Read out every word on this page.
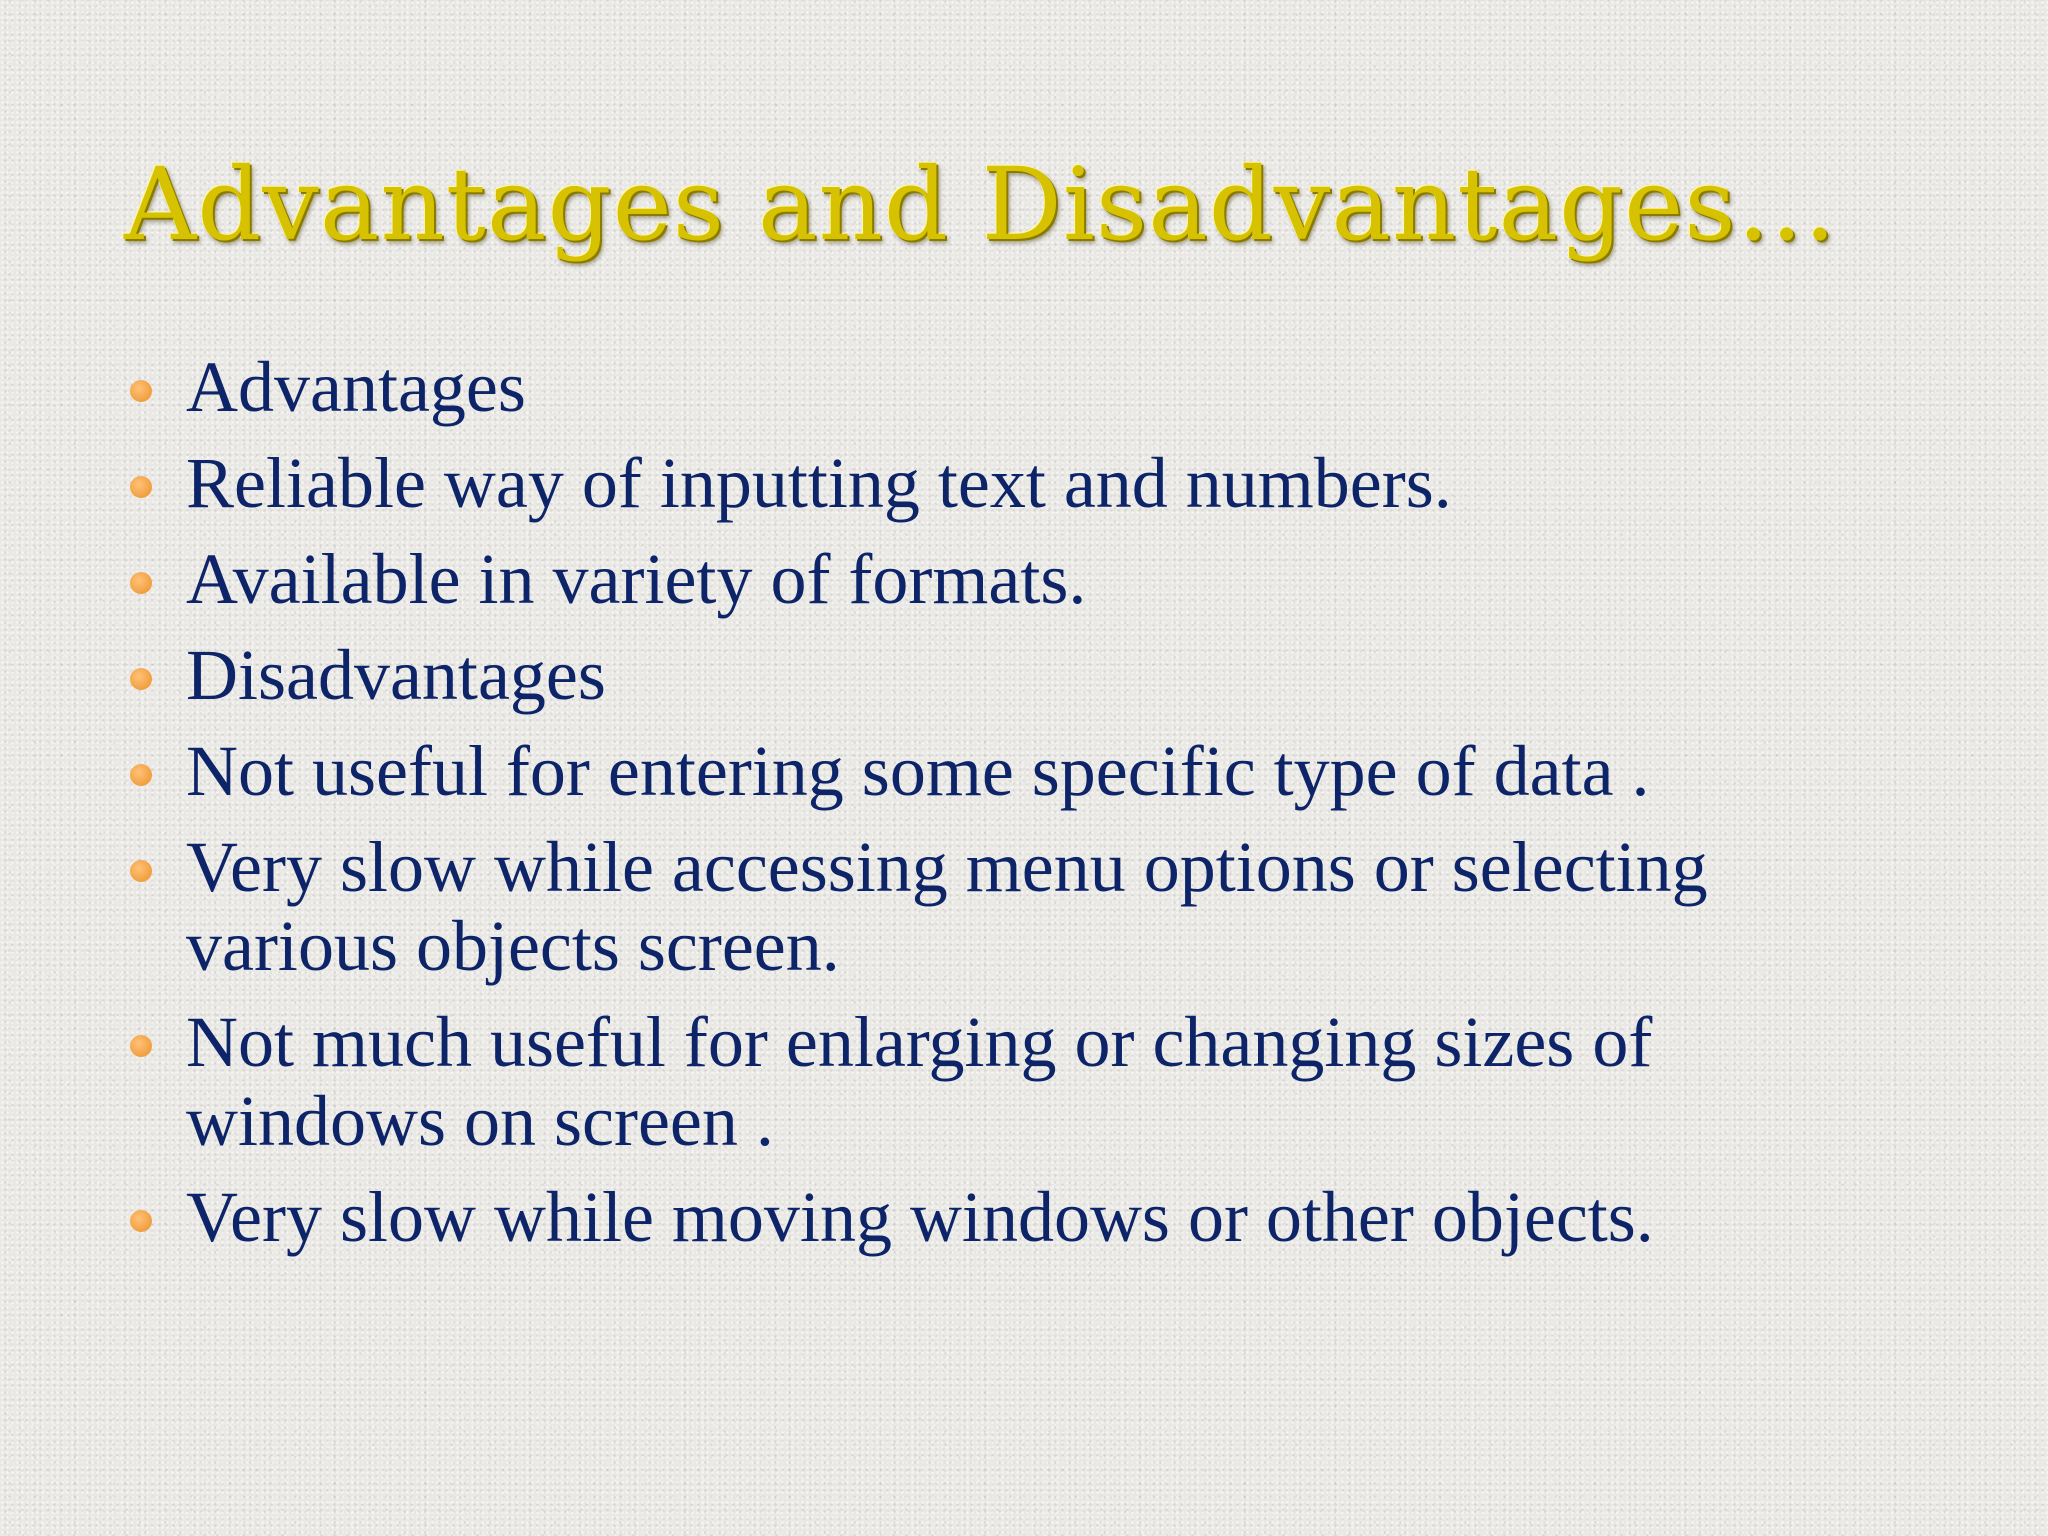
Advantages and Disadvantages…
Advantages
Reliable way of inputting text and numbers.
Available in variety of formats.
Disadvantages
Not useful for entering some specific type of data .
Very slow while accessing menu options or selecting various objects screen.
Not much useful for enlarging or changing sizes of windows on screen .
Very slow while moving windows or other objects.
